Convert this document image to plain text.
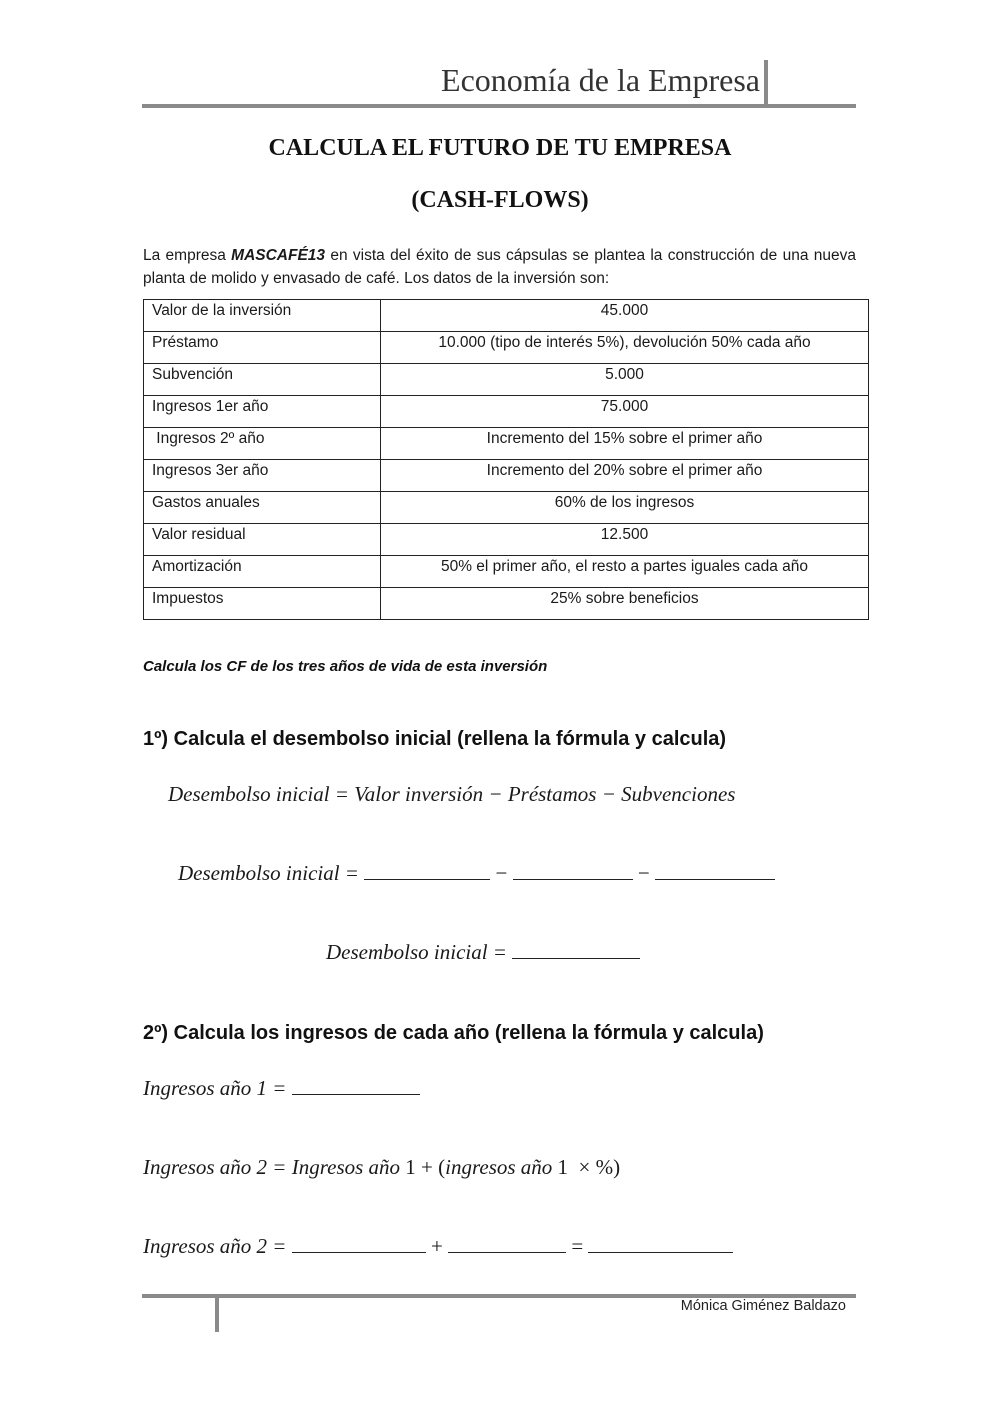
Economía de la Empresa
CALCULA EL FUTURO DE TU EMPRESA
(CASH-FLOWS)
La empresa MASCAFÉ13 en vista del éxito de sus cápsulas se plantea la construcción de una nueva planta de molido y envasado de café. Los datos de la inversión son:
Valor de la inversión	45.000
Préstamo	10.000 (tipo de interés 5%), devolución 50% cada año
Subvención	5.000
Ingresos 1er año	75.000
Ingresos 2º año	Incremento del 15% sobre el primer año
Ingresos 3er año	Incremento del 20% sobre el primer año
Gastos anuales	60% de los ingresos
Valor residual	12.500
Amortización	50% el primer año, el resto a partes iguales cada año
Impuestos	25% sobre beneficios
Calcula los CF de los tres años de vida de esta inversión
1º) Calcula el desembolso inicial (rellena la fórmula y calcula)
Desembolso inicial = Valor inversión − Préstamos − Subvenciones
Desembolso inicial =	−	−
Desembolso inicial =
2º) Calcula los ingresos de cada año (rellena la fórmula y calcula)
Ingresos año 1 =
Ingresos año 2 = Ingresos año 1 + (ingresos año 1  × %)
Ingresos año 2 =	+	=
Mónica Giménez Baldazo
